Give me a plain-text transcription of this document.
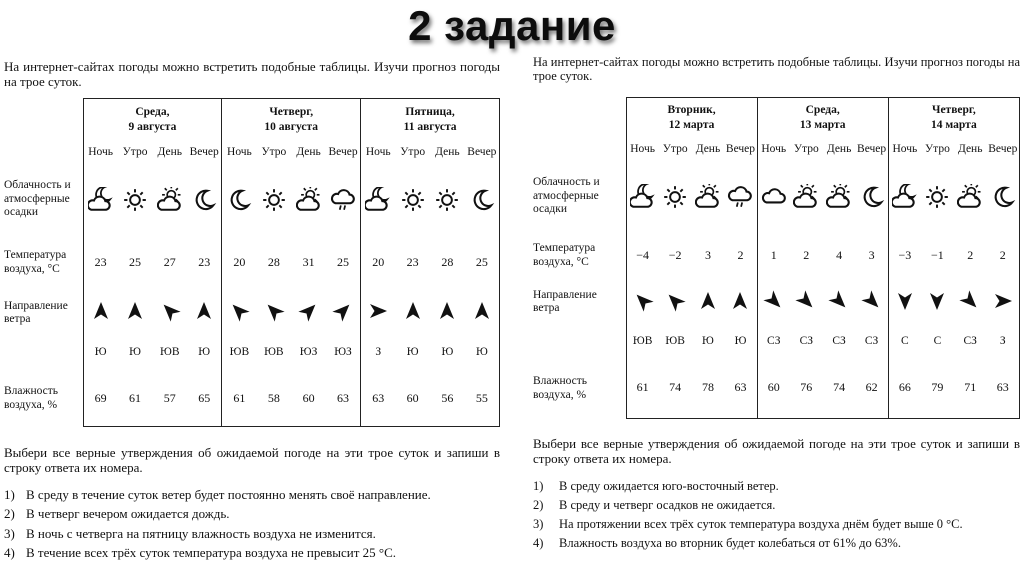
2 задание
На интернет-сайтах погоды можно встретить подобные таблицы. Изучи прогноз погоды на трое суток.
	Среда,
9 августа				Четверг,
10 августа				Пятница,
11 августа			
	Ночь	Утро	День	Вечер	Ночь	Утро	День	Вечер	Ночь	Утро	День	Вечер
Облачность и атмосферные осадки	

Температура воздуха, °С	23	25	27	23	20	28	31	25	20	23	28	25
Направление ветра												
	Ю	Ю	ЮВ	Ю	ЮВ	ЮВ	ЮЗ	ЮЗ	З	Ю	Ю	Ю
Влажность воздуха, %	69	61	57	65	61	58	60	63	63	60	56	55
Выбери все верные утверждения об ожидаемой погоде на эти трое суток и запиши в строку ответа их номера.
1) В среду в течение суток ветер будет постоянно менять своё направление.
2) В четверг вечером ожидается дождь.
3) В ночь с четверга на пятницу влажность воздуха не изменится.
4) В течение всех трёх суток температура воздуха не превысит 25 °С.
На интернет-сайтах погоды можно встретить подобные таблицы. Изучи прогноз погоды на трое суток.
	Вторник,
12 марта				Среда,
13 марта				Четверг,
14 марта			
	Ночь	Утро	День	Вечер	Ночь	Утро	День	Вечер	Ночь	Утро	День	Вечер
Облачность и атмосферные осадки	

Температура воздуха, °С	−4	−2	3	2	1	2	4	3	−3	−1	2	2
Направление ветра												
	ЮВ	ЮВ	Ю	Ю	СЗ	СЗ	СЗ	СЗ	С	С	СЗ	З
Влажность воздуха, %	61	74	78	63	60	76	74	62	66	79	71	63
Выбери все верные утверждения об ожидаемой погоде на эти трое суток и запиши в строку ответа их номера.
1)	В среду ожидается юго-восточный ветер.
2)	В среду и четверг осадков не ожидается.
3)	На протяжении всех трёх суток температура воздуха днём будет выше 0 °С.
4)	Влажность воздуха во вторник будет колебаться от 61% до 63%.
